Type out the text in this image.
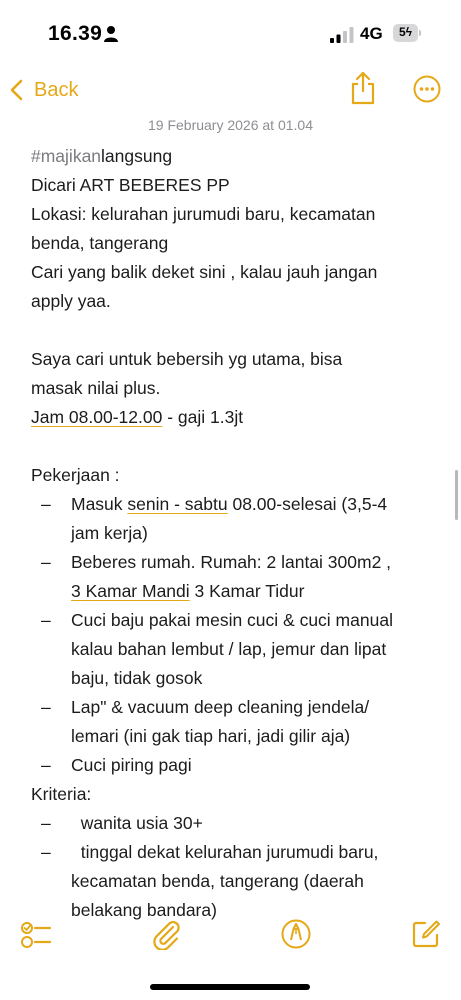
16.39	4G	5ϟ
Back
19 February 2026 at 01.04

#majikanlangsung

Dicari ART BEBERES PP

Lokasi: kelurahan jurumudi baru, kecamatan

benda, tangerang

Cari yang balik deket sini , kalau jauh jangan

apply yaa.

Saya cari untuk bebersih yg utama, bisa

masak nilai plus.

Jam 08.00-12.00 - gaji 1.3jt

Pekerjaan :

–	Masuk senin - sabtu 08.00-selesai (3,5-4
jam kerja)
–	Beberes rumah. Rumah: 2 lantai 300m2 ,
3 Kamar Mandi 3 Kamar Tidur
–	Cuci baju pakai mesin cuci & cuci manual
kalau bahan lembut / lap, jemur dan lipat
baju, tidak gosok
–	Lap" & vacuum deep cleaning jendela/
lemari (ini gak tiap hari, jadi gilir aja)
–	Cuci piring pagi

Kriteria:

–	wanita usia 30+
–	tinggal dekat kelurahan jurumudi baru,
kecamatan benda, tangerang (daerah
belakang bandara)
